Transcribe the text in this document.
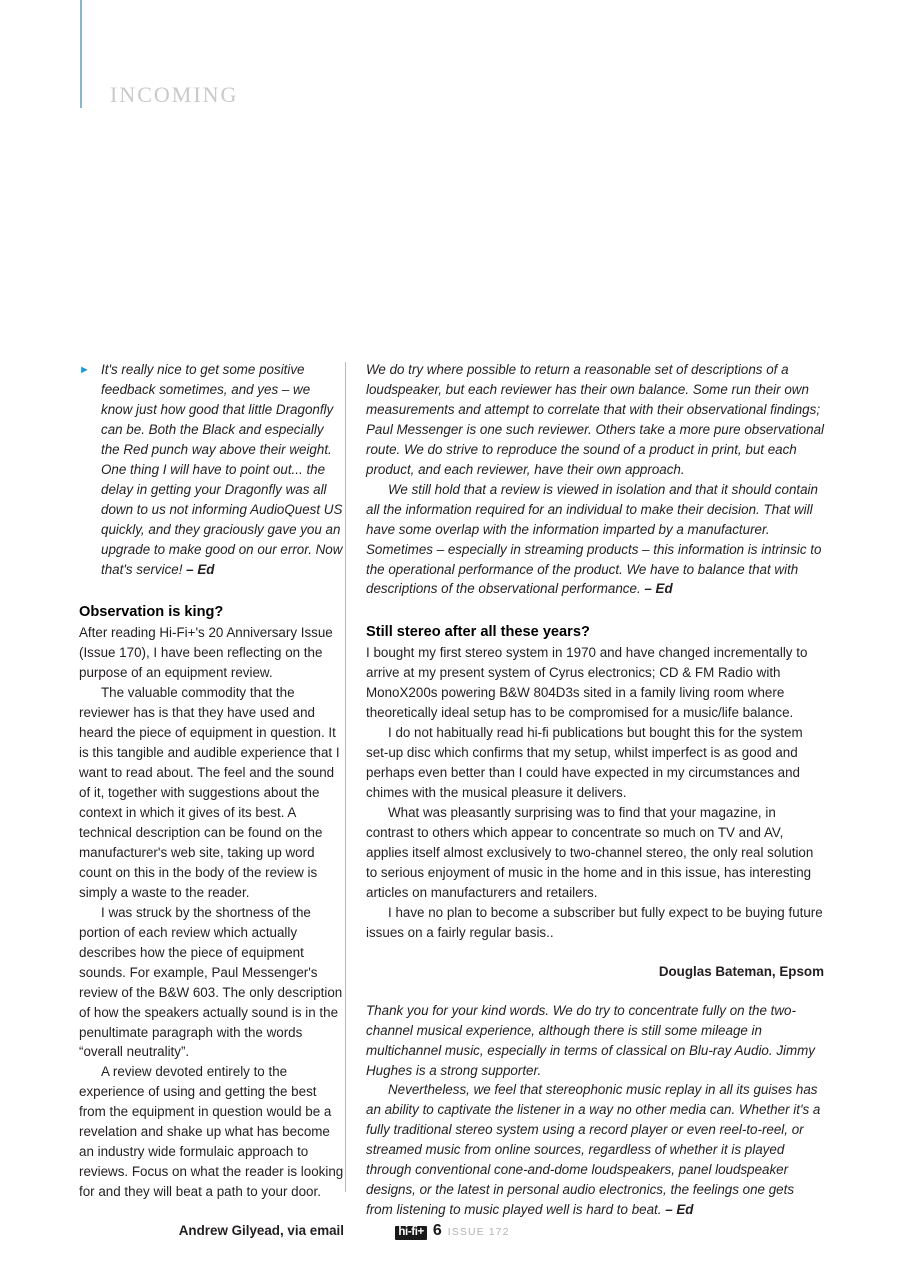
INCOMING
► It's really nice to get some positive feedback sometimes, and yes – we know just how good that little Dragonfly can be. Both the Black and especially the Red punch way above their weight. One thing I will have to point out... the delay in getting your Dragonfly was all down to us not informing AudioQuest US quickly, and they graciously gave you an upgrade to make good on our error. Now that's service! – Ed

Observation is king?

After reading Hi-Fi+'s 20 Anniversary Issue (Issue 170), I have been reflecting on the purpose of an equipment review.

The valuable commodity that the reviewer has is that they have used and heard the piece of equipment in question. It is this tangible and audible experience that I want to read about. The feel and the sound of it, together with suggestions about the context in which it gives of its best. A technical description can be found on the manufacturer's web site, taking up word count on this in the body of the review is simply a waste to the reader.

I was struck by the shortness of the portion of each review which actually describes how the piece of equipment sounds. For example, Paul Messenger's review of the B&W 603. The only description of how the speakers actually sound is in the penultimate paragraph with the words “overall neutrality”.

A review devoted entirely to the experience of using and getting the best from the equipment in question would be a revelation and shake up what has become an industry wide formulaic approach to reviews. Focus on what the reader is looking for and they will beat a path to your door.

Andrew Gilyead, via email

We do try where possible to return a reasonable set of descriptions of a loudspeaker, but each reviewer has their own balance. Some run their own measurements and attempt to correlate that with their observational findings; Paul Messenger is one such reviewer. Others take a more pure observational route. We do strive to reproduce the sound of a product in print, but each product, and each reviewer, have their own approach.

We still hold that a review is viewed in isolation and that it should contain all the information required for an individual to make their decision. That will have some overlap with the information imparted by a manufacturer. Sometimes – especially in streaming products – this information is intrinsic to the operational performance of the product. We have to balance that with descriptions of the observational performance. – Ed

Still stereo after all these years?

I bought my first stereo system in 1970 and have changed incrementally to arrive at my present system of Cyrus electronics; CD & FM Radio with MonoX200s powering B&W 804D3s sited in a family living room where theoretically ideal setup has to be compromised for a music/life balance.

I do not habitually read hi-fi publications but bought this for the system set-up disc which confirms that my setup, whilst imperfect is as good and perhaps even better than I could have expected in my circumstances and chimes with the musical pleasure it delivers.

What was pleasantly surprising was to find that your magazine, in contrast to others which appear to concentrate so much on TV and AV, applies itself almost exclusively to two-channel stereo, the only real solution to serious enjoyment of music in the home and in this issue, has interesting articles on manufacturers and retailers.

I have no plan to become a subscriber but fully expect to be buying future issues on a fairly regular basis..

Douglas Bateman, Epsom

Thank you for your kind words. We do try to concentrate fully on the two-channel musical experience, although there is still some mileage in multichannel music, especially in terms of classical on Blu-ray Audio. Jimmy Hughes is a strong supporter.

Nevertheless, we feel that stereophonic music replay in all its guises has an ability to captivate the listener in a way no other media can. Whether it's a fully traditional stereo system using a record player or even reel-to-reel, or streamed music from online sources, regardless of whether it is played through conventional cone-and-dome loudspeakers, panel loudspeaker designs, or the latest in personal audio electronics, the feelings one gets from listening to music played well is hard to beat. – Ed

hi-fi+ 6 ISSUE 172
